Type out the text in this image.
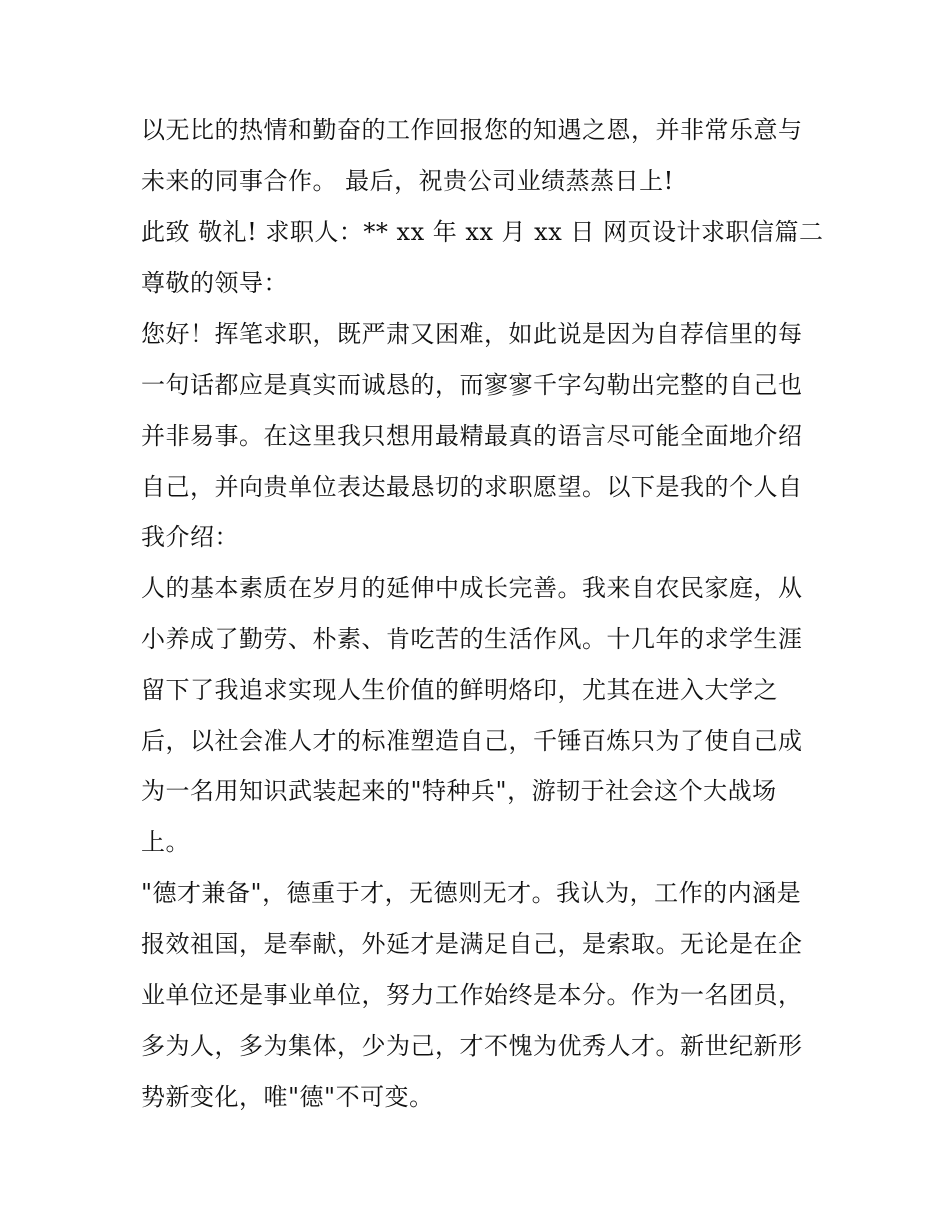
以无比的热情和勤奋的工作回报您的知遇之恩，并非常乐意与
未来的同事合作。 最后，祝贵公司业绩蒸蒸日上!
此致 敬礼! 求职人：** xx 年 xx 月 xx 日 网页设计求职信篇二
尊敬的领导：
您好！挥笔求职，既严肃又困难，如此说是因为自荐信里的每
一句话都应是真实而诚恳的，而寥寥千字勾勒出完整的自己也
并非易事。在这里我只想用最精最真的语言尽可能全面地介绍
自己，并向贵单位表达最恳切的求职愿望。以下是我的个人自
我介绍：
人的基本素质在岁月的延伸中成长完善。我来自农民家庭，从
小养成了勤劳、朴素、肯吃苦的生活作风。十几年的求学生涯
留下了我追求实现人生价值的鲜明烙印，尤其在进入大学之
后，以社会准人才的标准塑造自己，千锤百炼只为了使自己成
为一名用知识武装起来的"特种兵"，游韧于社会这个大战场
上。
"德才兼备"，德重于才，无德则无才。我认为，工作的内涵是
报效祖国，是奉献，外延才是满足自己，是索取。无论是在企
业单位还是事业单位，努力工作始终是本分。作为一名团员，
多为人，多为集体，少为己，才不愧为优秀人才。新世纪新形
势新变化，唯"德"不可变。
